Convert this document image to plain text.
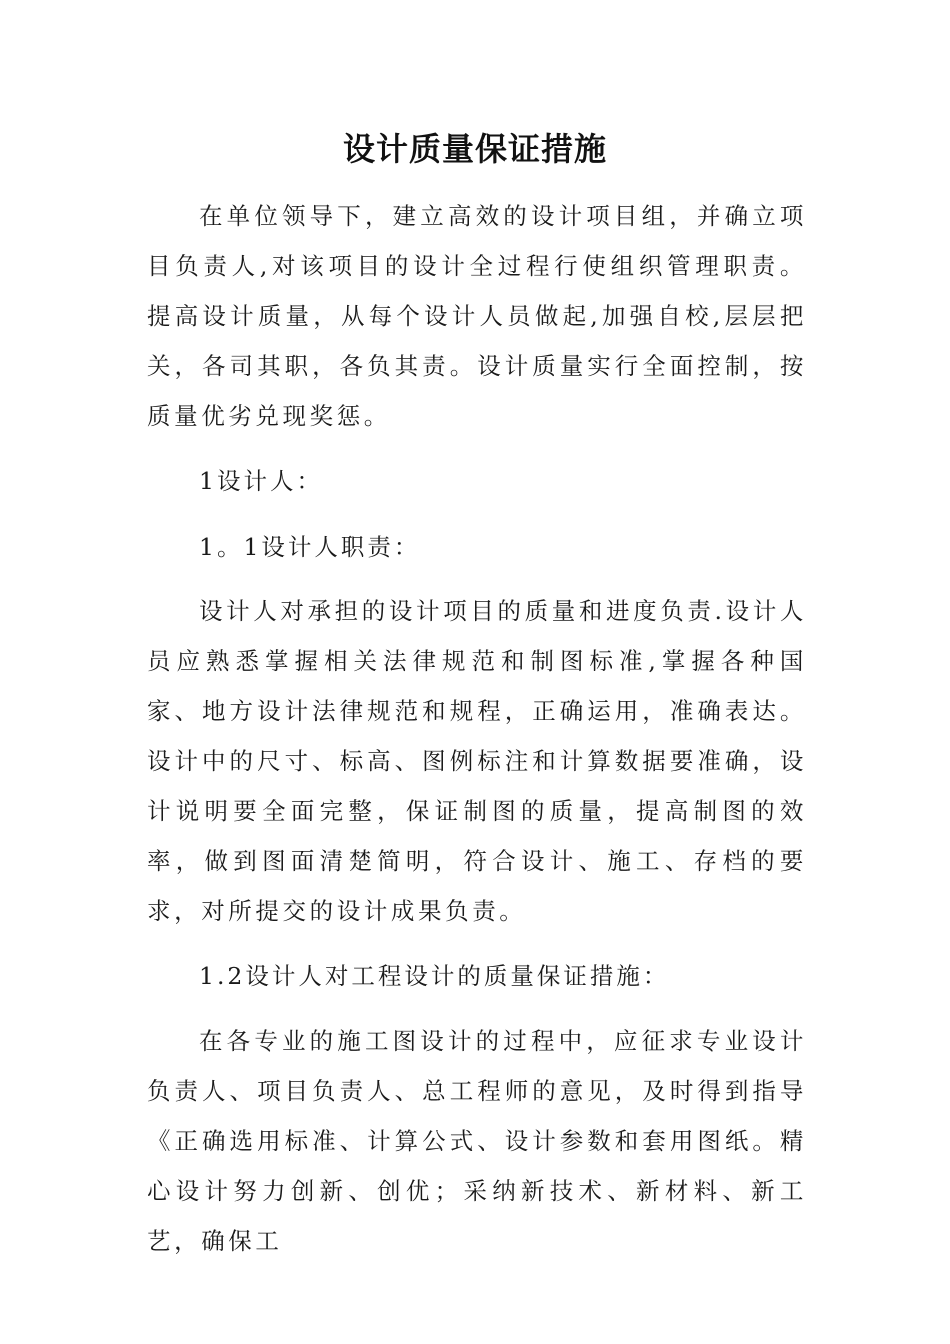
设计质量保证措施

在单位领导下，建立高效的设计项目组，并确立项目负责人,对该项目的设计全过程行使组织管理职责。提高设计质量，从每个设计人员做起,加强自校,层层把关，各司其职，各负其责。设计质量实行全面控制，按质量优劣兑现奖惩。

1设计人：

1。1设计人职责：

设计人对承担的设计项目的质量和进度负责.设计人员应熟悉掌握相关法律规范和制图标准,掌握各种国家、地方设计法律规范和规程，正确运用，准确表达。设计中的尺寸、标高、图例标注和计算数据要准确，设计说明要全面完整，保证制图的质量，提高制图的效率，做到图面清楚简明，符合设计、施工、存档的要求，对所提交的设计成果负责。

1.2设计人对工程设计的质量保证措施：

在各专业的施工图设计的过程中，应征求专业设计负责人、项目负责人、总工程师的意见，及时得到指导《正确选用标准、计算公式、设计参数和套用图纸。精心设计努力创新、创优；采纳新技术、新材料、新工艺，确保工
